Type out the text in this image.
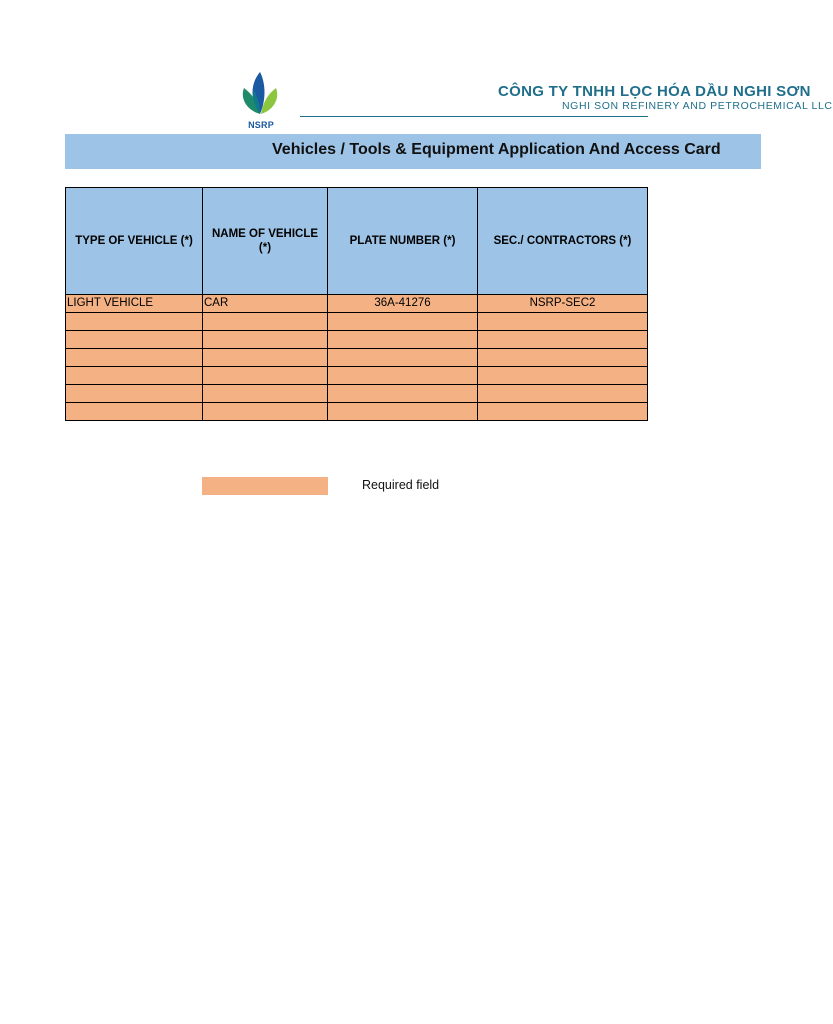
NSRP
CÔNG TY TNHH LỌC HÓA DẦU NGHI SƠN
NGHI SON REFINERY AND PETROCHEMICAL LLC
Vehicles / Tools & Equipment Application And Access Card
TYPE OF VEHICLE (*)	NAME OF VEHICLE (*)	PLATE NUMBER (*)	SEC./ CONTRACTORS (*)
LIGHT VEHICLE	CAR	36A-41276	NSRP-SEC2

Required field
